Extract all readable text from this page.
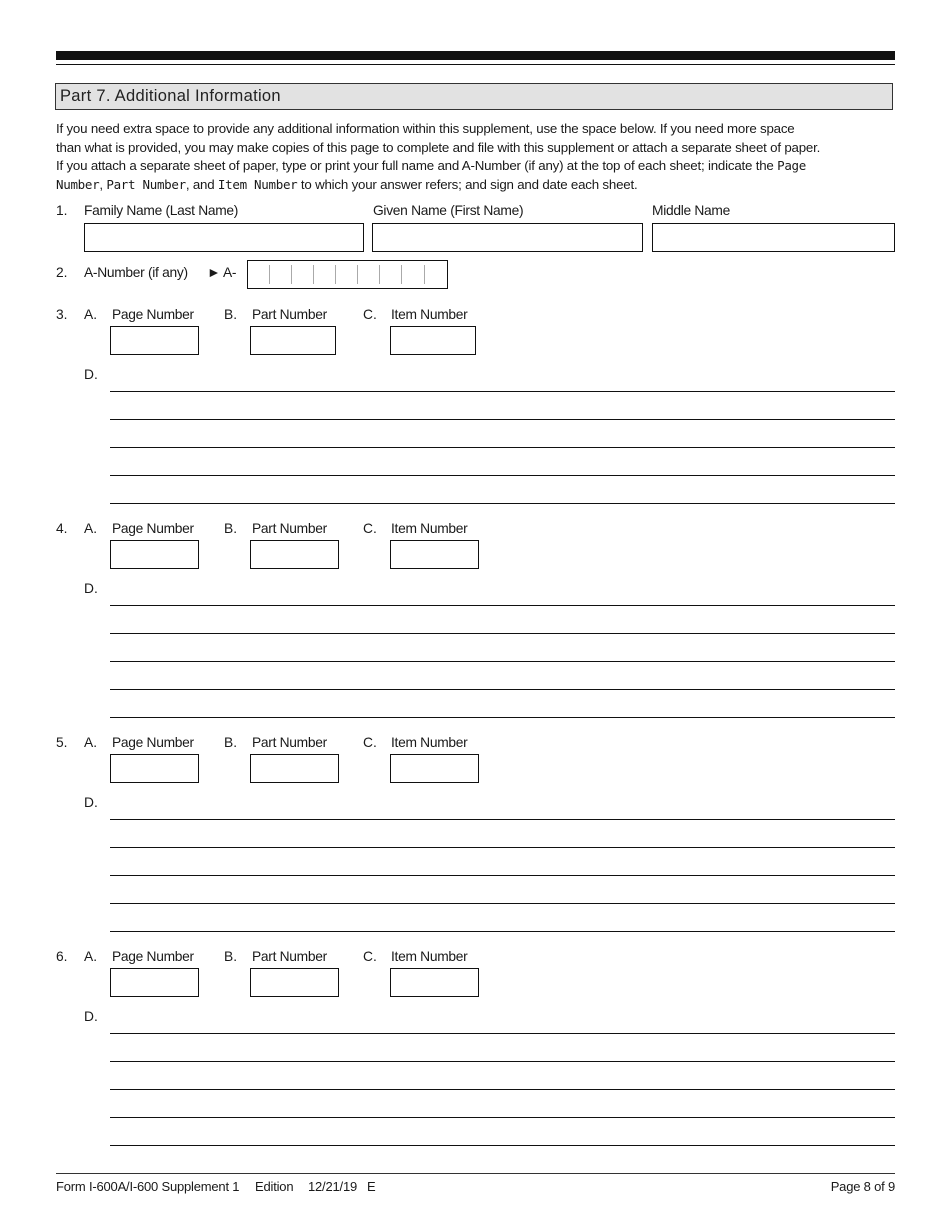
Part 7. Additional Information

If you need extra space to provide any additional information within this supplement, use the space below. If you need more space

than what is provided, you may make copies of this page to complete and file with this supplement or attach a separate sheet of paper.

If you attach a separate sheet of paper, type or print your full name and A-Number (if any) at the top of each sheet; indicate the Page

Number, Part Number, and Item Number to which your answer refers; and sign and date each sheet.

1. Family Name (Last Name)	Given Name (First Name)	Middle Name
2. A-Number (if any) ► A-
3. A. Page Number B. Part Number	C. Item Number
D.
4. A. Page Number B. Part Number	C. Item Number
D.
5. A. Page Number B. Part Number	C. Item Number
D.
6. A. Page Number B. Part Number	C. Item Number
D.
Form I-600A/I-600 Supplement 1 Edition 12/21/19 E	Page 8 of 9
